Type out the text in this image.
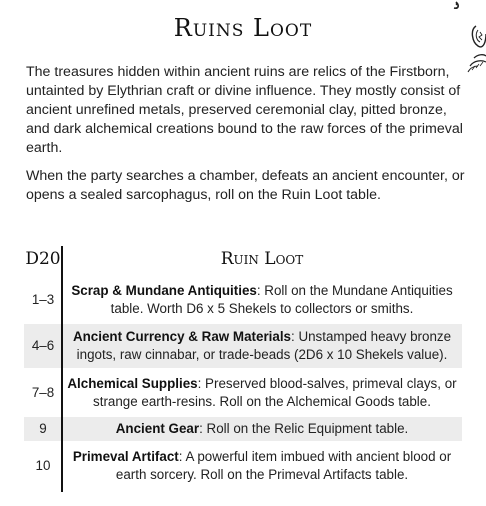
Ruins Loot

The treasures hidden within ancient ruins are relics of the Firstborn, untainted by Elythrian craft or divine influence. They mostly consist of ancient unrefined metals, preserved ceremonial clay, pitted bronze, and dark alchemical creations bound to the raw forces of the primeval earth.

When the party searches a chamber, defeats an ancient encounter, or opens a sealed sarcophagus, roll on the Ruin Loot table.

D20	Ruin Loot
1–3
Scrap & Mundane Antiquities: Roll on the Mundane Antiquities table. Worth D6 x 5 Shekels to collectors or smiths.
4–6
Ancient Currency & Raw Materials: Unstamped heavy bronze ingots, raw cinnabar, or trade-beads (2D6 x 10 Shekels value).
7–8
Alchemical Supplies: Preserved blood-salves, primeval clays, or strange earth-resins. Roll on the Alchemical Goods table.
9	Ancient Gear: Roll on the Relic Equipment table.
10
Primeval Artifact: A powerful item imbued with ancient blood or earth sorcery. Roll on the Primeval Artifacts table.
